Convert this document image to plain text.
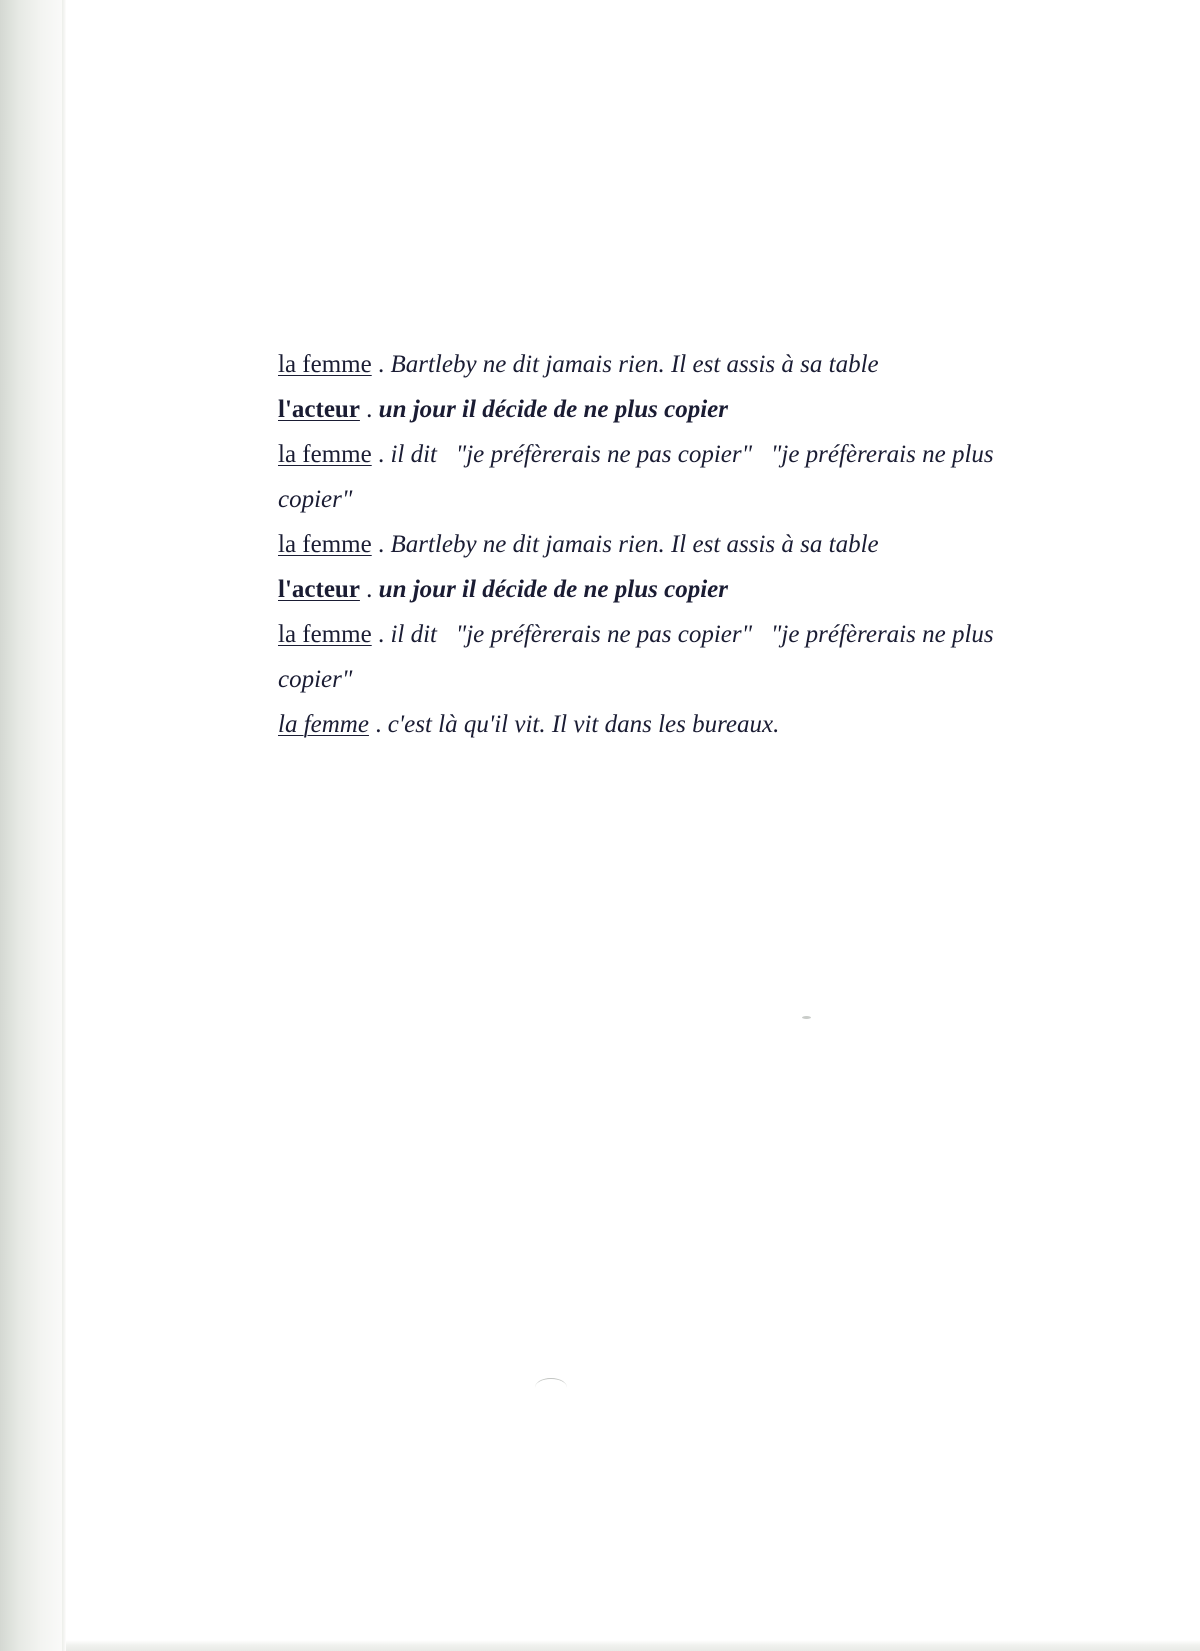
la femme . Bartleby ne dit jamais rien. Il est assis à sa table
l'acteur . un jour il décide de ne plus copier
la femme . il dit   "je préfèrerais ne pas copier"   "je préfèrerais ne plus
copier"
la femme . Bartleby ne dit jamais rien. Il est assis à sa table
l'acteur . un jour il décide de ne plus copier
la femme . il dit   "je préfèrerais ne pas copier"   "je préfèrerais ne plus
copier"
la femme . c'est là qu'il vit. Il vit dans les bureaux.
